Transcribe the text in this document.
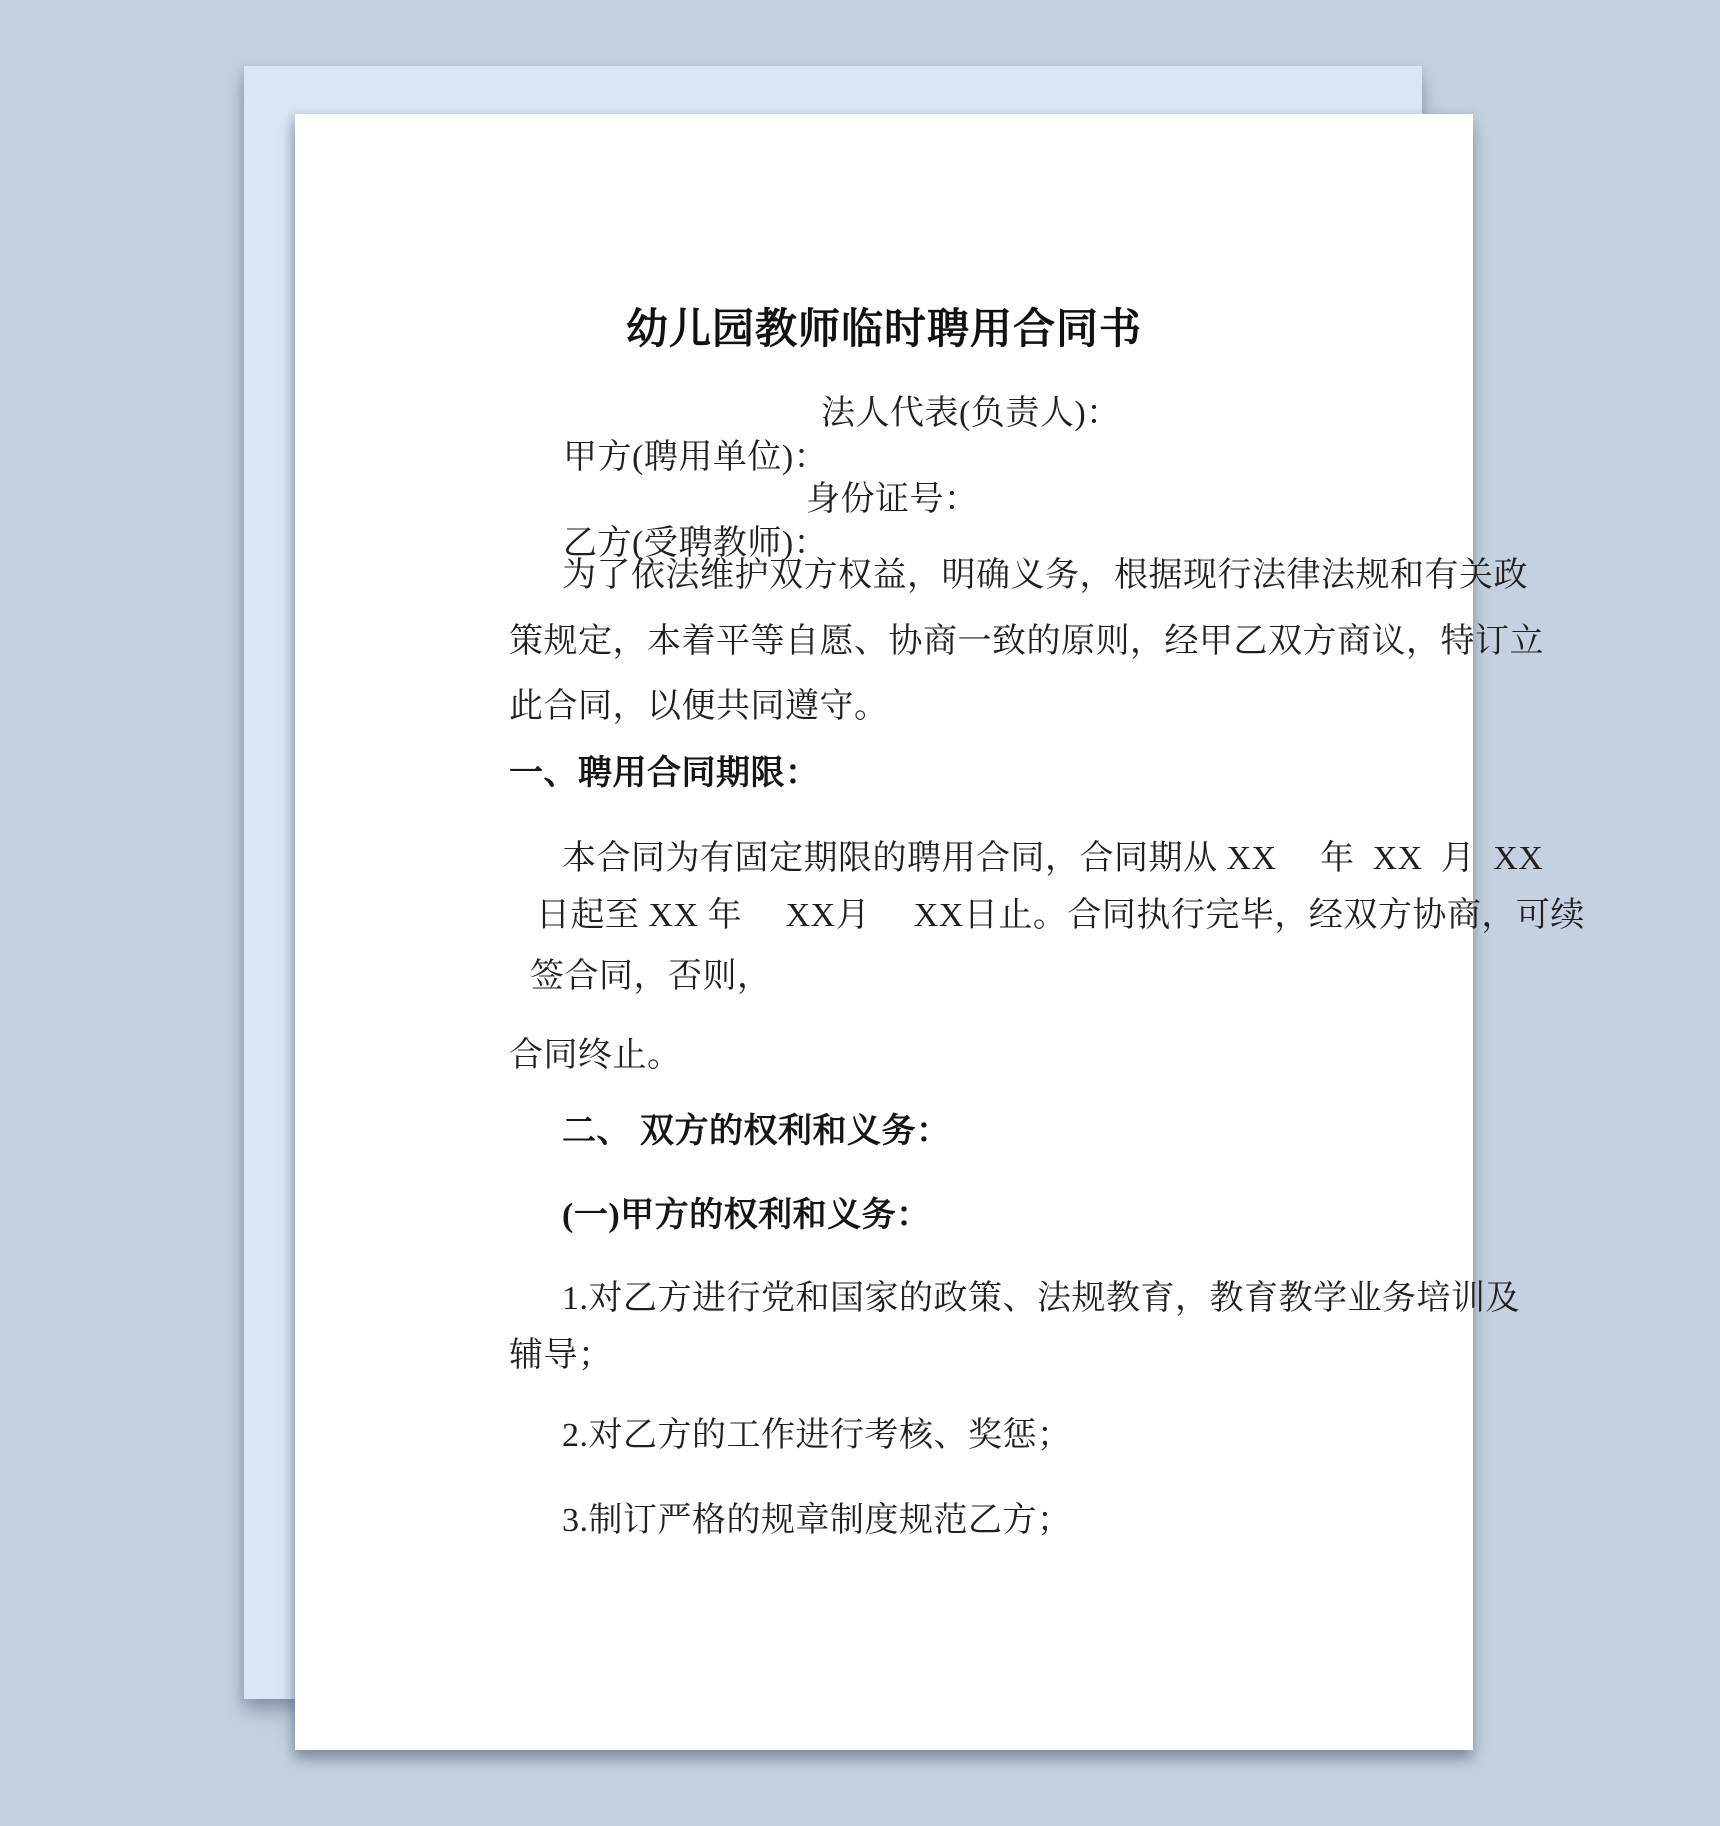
幼儿园教师临时聘用合同书

甲方(聘用单位)：

法人代表(负责人)：

乙方(受聘教师)：

身份证号：

为了依法维护双方权益，明确义务，根据现行法律法规和有关政
策规定，本着平等自愿、协商一致的原则，经甲乙双方商议，特订立
此合同，以便共同遵守。
一、聘用合同期限：
本合同为有固定期限的聘用合同，合同期从 XX　 年  XX  月  XX
日起至 XX 年　 XX月　 XX日止。合同执行完毕，经双方协商，可续
签合同，否则，
合同终止。
二、 双方的权利和义务：
(一)甲方的权利和义务：
1.对乙方进行党和国家的政策、法规教育，教育教学业务培训及
辅导；
2.对乙方的工作进行考核、奖惩；
3.制订严格的规章制度规范乙方；
